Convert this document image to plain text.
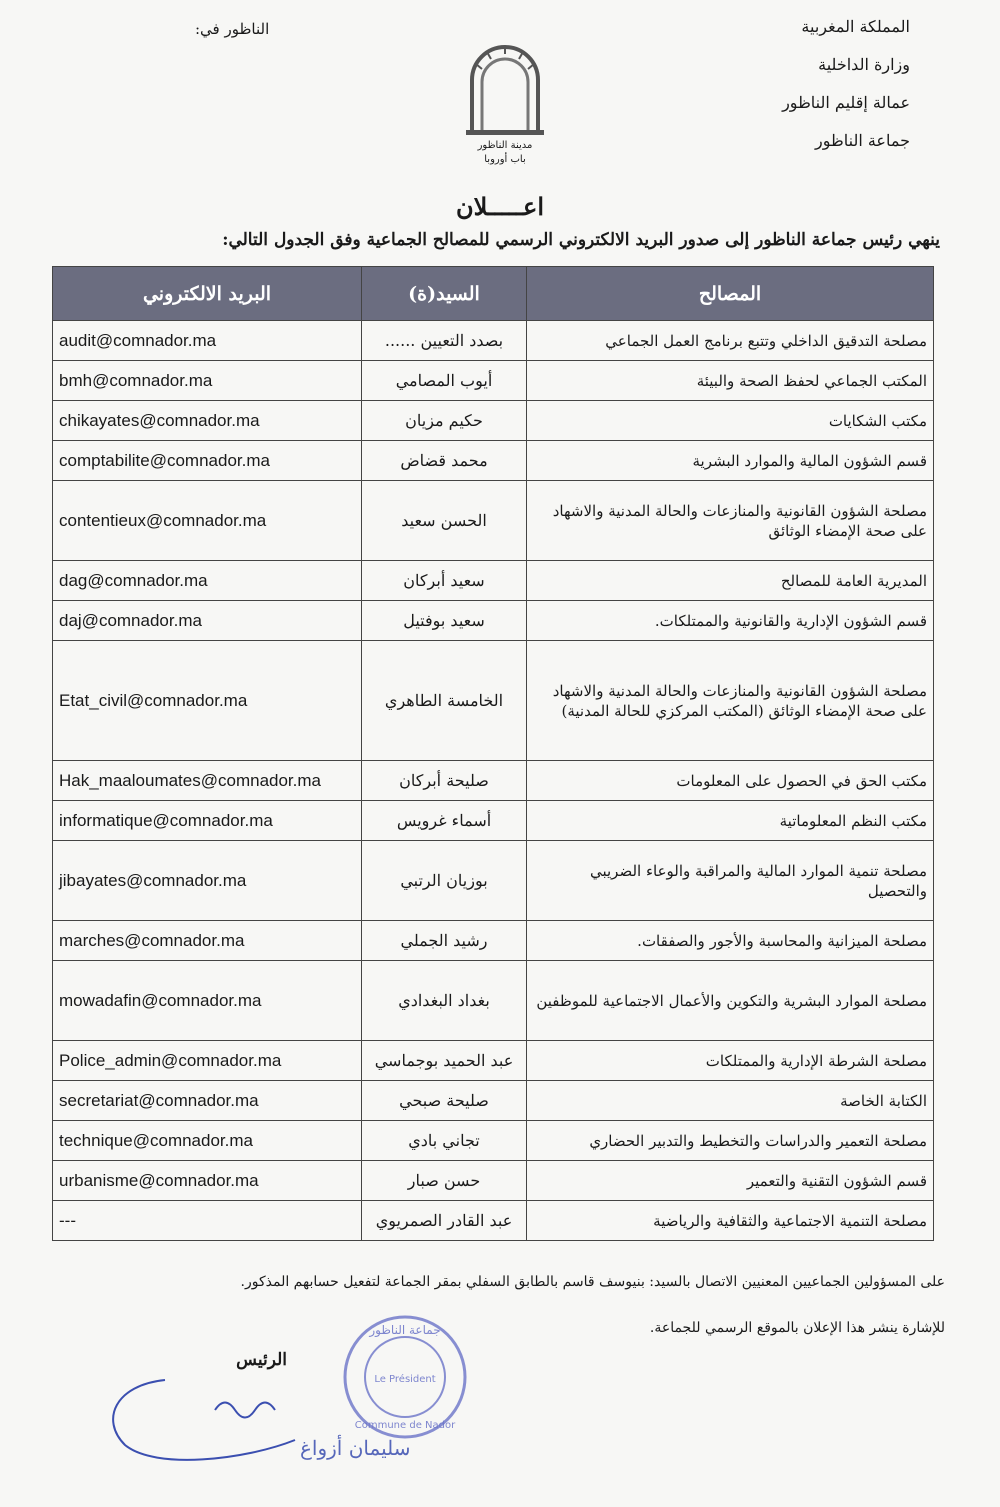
المملكة المغربية
وزارة الداخلية
عمالة إقليم الناظور
جماعة الناظور
الناظور في:
مدينة الناظور
باب أوروبا
اعـــــلان
ينهي رئيس جماعة الناظور إلى صدور البريد الالكتروني الرسمي للمصالح الجماعية وفق الجدول التالي:
البريد الالكتروني	السيد(ة)	المصالح
audit@comnador.ma	بصدد التعيين ......	مصلحة التدقيق الداخلي وتتبع برنامج العمل الجماعي
bmh@comnador.ma	أيوب المصامي	المكتب الجماعي لحفظ الصحة والبيئة
chikayates@comnador.ma	حكيم مزيان	مكتب الشكايات
comptabilite@comnador.ma	محمد قضاض	قسم الشؤون المالية والموارد البشرية
contentieux@comnador.ma	الحسن سعيد	مصلحة الشؤون القانونية والمنازعات والحالة المدنية والاشهاد على صحة الإمضاء الوثائق
dag@comnador.ma	سعيد أبركان	المديرية العامة للمصالح
daj@comnador.ma	سعيد بوفتيل	قسم الشؤون الإدارية والقانونية والممتلكات.
Etat_civil@comnador.ma	الخامسة الطاهري	مصلحة الشؤون القانونية والمنازعات والحالة المدنية والاشهاد على صحة الإمضاء الوثائق (المكتب المركزي للحالة المدنية)
Hak_maaloumates@comnador.ma	صليحة أبركان	مكتب الحق في الحصول على المعلومات
informatique@comnador.ma	أسماء غرويس	مكتب النظم المعلوماتية
jibayates@comnador.ma	بوزيان الرتبي	مصلحة تنمية الموارد المالية والمراقبة والوعاء الضريبي والتحصيل
marches@comnador.ma	رشيد الجملي	مصلحة الميزانية والمحاسبة والأجور والصفقات.
mowadafin@comnador.ma	بغداد البغدادي	مصلحة الموارد البشرية والتكوين والأعمال الاجتماعية للموظفين
Police_admin@comnador.ma	عبد الحميد بوجماسي	مصلحة الشرطة الإدارية والممتلكات
secretariat@comnador.ma	صليحة صبحي	الكتابة الخاصة
technique@comnador.ma	تجاني بادي	مصلحة التعمير والدراسات والتخطيط والتدبير الحضاري
urbanisme@comnador.ma	حسن صبار	قسم الشؤون التقنية والتعمير
---	عبد القادر الصمريوي	مصلحة التنمية الاجتماعية والثقافية والرياضية
على المسؤولين الجماعيين المعنيين الاتصال بالسيد: بنيوسف قاسم بالطابق السفلي بمقر الجماعة لتفعيل حسابهم المذكور.
للإشارة ينشر هذا الإعلان بالموقع الرسمي للجماعة.
جماعة الناظور
Le Président
Commune de Nador
الرئيس
سليمان أزواغ
